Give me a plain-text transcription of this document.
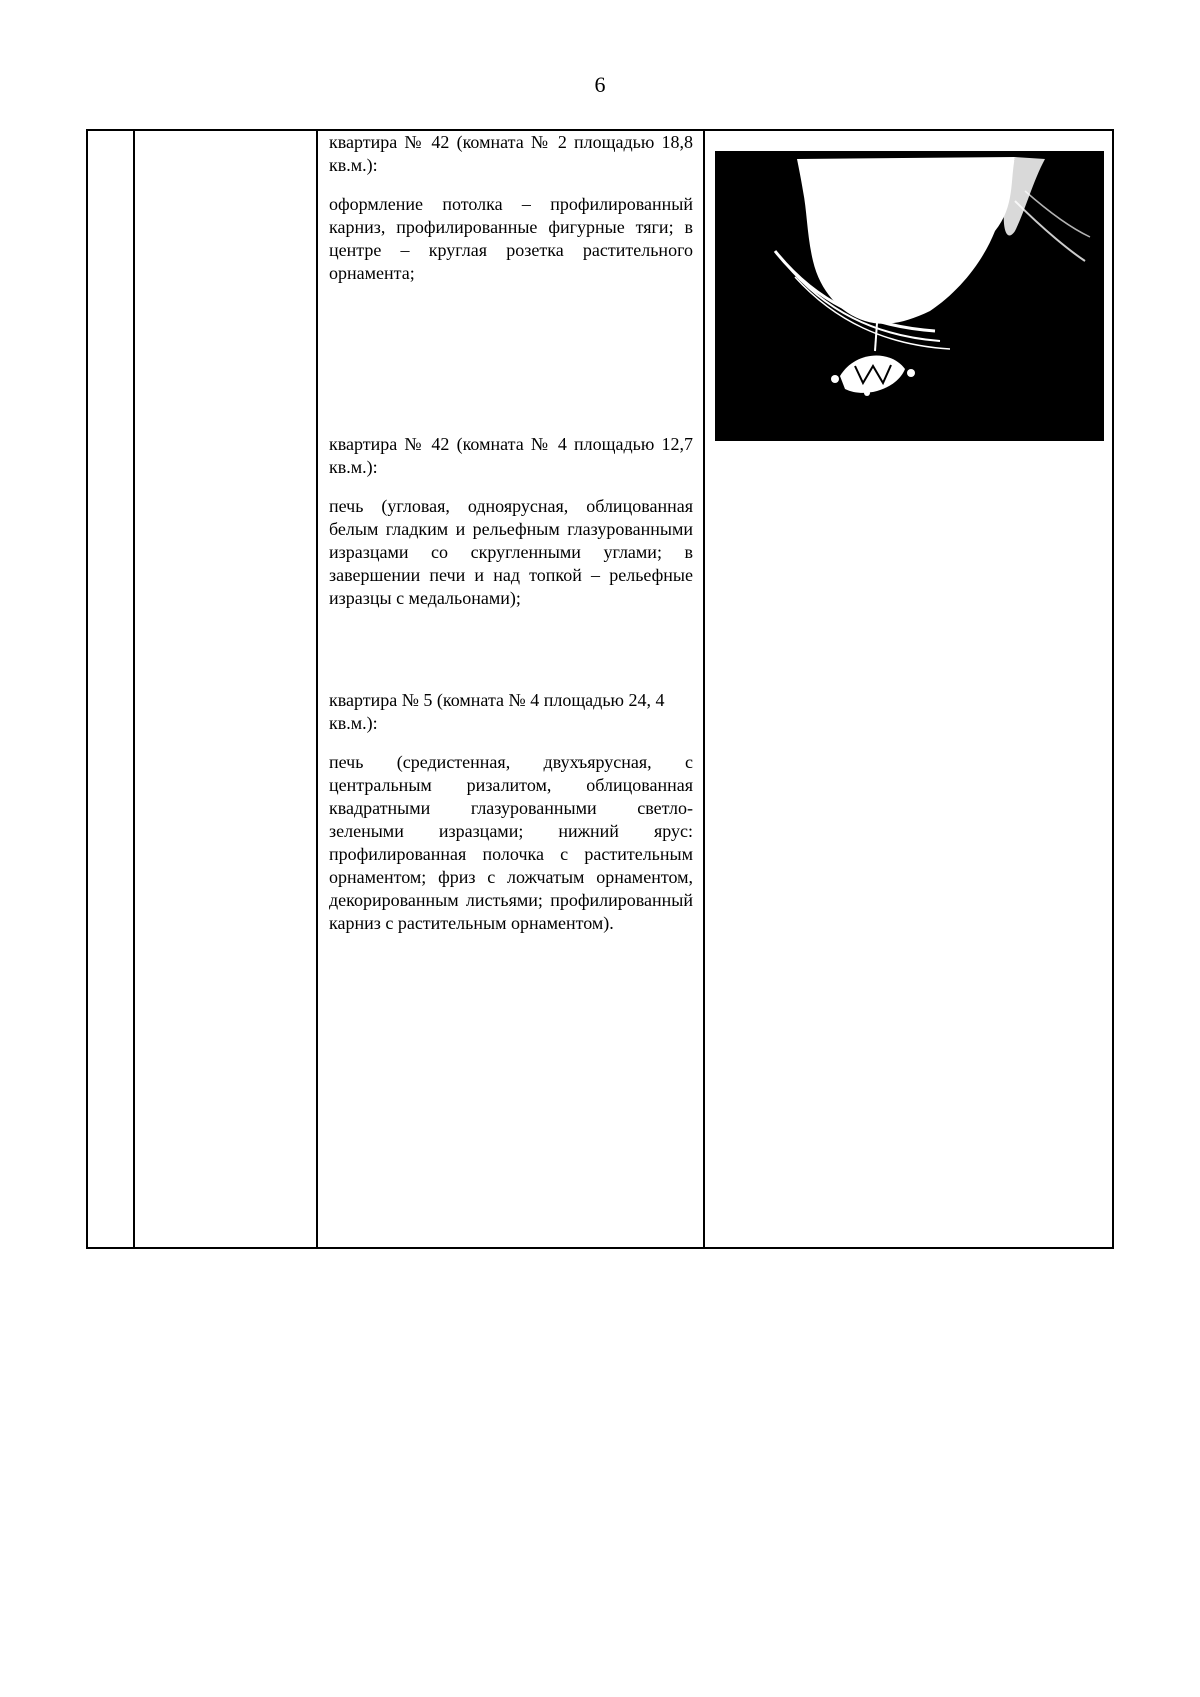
6

квартира № 42 (комната № 2 площадью 18,8 кв.м.):

оформление потолка – профилированный карниз, профилированные фигурные тяги; в центре – круглая розетка растительного орнамента;

квартира № 42 (комната № 4 площадью 12,7 кв.м.):

печь (угловая, одноярусная, облицованная белым гладким и рельефным глазурованными изразцами со скругленными углами; в завершении печи и над топкой – рельефные изразцы с медальонами);

квартира № 5 (комната № 4 площадью 24, 4 кв.м.):

печь (средистенная, двухъярусная, с центральным ризалитом, облицованная квадратными глазурованными светло-зелеными изразцами; нижний ярус: профилированная полочка с растительным орнаментом; фриз с ложчатым орнаментом, декорированным листьями; профилированный карниз с растительным орнаментом).
